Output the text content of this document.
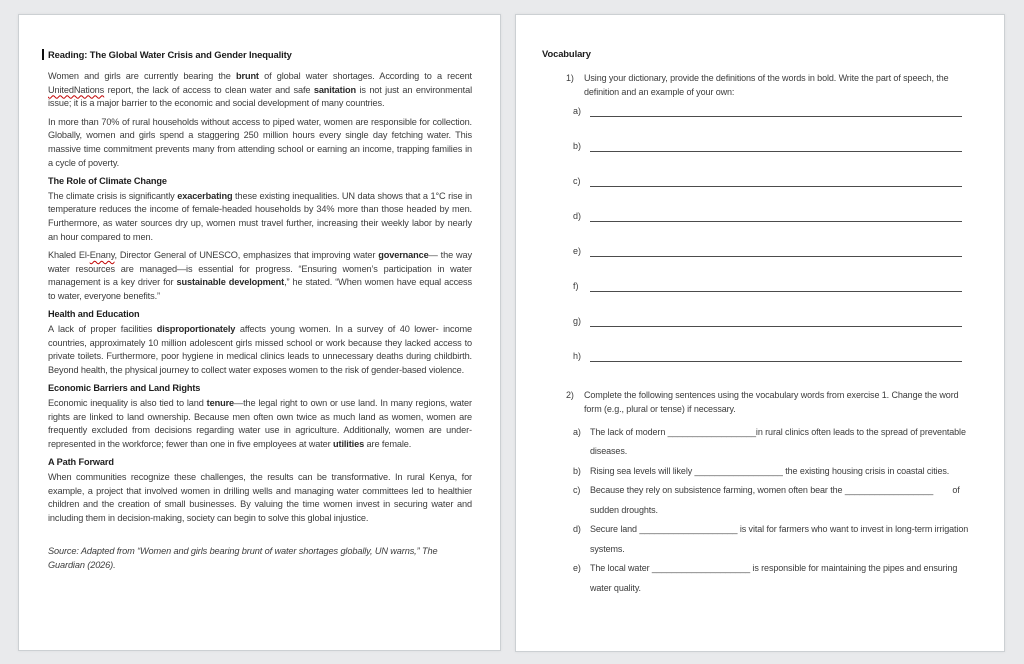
Reading: The Global Water Crisis and Gender Inequality
Women and girls are currently bearing the brunt of global water shortages. According to a recent UnitedNations report, the lack of access to clean water and safe sanitation is not just an environmental issue; it is a major barrier to the economic and social development of many countries.
In more than 70% of rural households without access to piped water, women are responsible for collection. Globally, women and girls spend a staggering 250 million hours every single day fetching water. This massive time commitment prevents many from attending school or earning an income, trapping families in a cycle of poverty.
The Role of Climate Change
The climate crisis is significantly exacerbating these existing inequalities. UN data shows that a 1°C rise in temperature reduces the income of female-headed households by 34% more than those headed by men. Furthermore, as water sources dry up, women must travel further, increasing their weekly labor by nearly an hour compared to men.
Khaled El-Enany, Director General of UNESCO, emphasizes that improving water governance— the way water resources are managed—is essential for progress. “Ensuring women’s participation in water management is a key driver for sustainable development,” he stated. “When women have equal access to water, everyone benefits.”
Health and Education
A lack of proper facilities disproportionately affects young women. In a survey of 40 lower- income countries, approximately 10 million adolescent girls missed school or work because they lacked access to private toilets. Furthermore, poor hygiene in medical clinics leads to unnecessary deaths during childbirth. Beyond health, the physical journey to collect water exposes women to the risk of gender-based violence.
Economic Barriers and Land Rights
Economic inequality is also tied to land tenure—the legal right to own or use land. In many regions, water rights are linked to land ownership. Because men often own twice as much land as women, women are frequently excluded from decisions regarding water use in agriculture. Additionally, women are under-represented in the workforce; fewer than one in five employees at water utilities are female.
A Path Forward
When communities recognize these challenges, the results can be transformative. In rural Kenya, for example, a project that involved women in drilling wells and managing water committees led to healthier children and the creation of small businesses. By valuing the time women invest in securing water and including them in decision-making, society can begin to solve this global injustice.
Source: Adapted from “Women and girls bearing brunt of water shortages globally, UN warns,” The Guardian (2026).
Vocabulary
1)	Using your dictionary, provide the definitions of the words in bold. Write the part of speech, the definition and an example of your own:
a)
b)
c)
d)
e)
f)
g)
h)
2)	Complete the following sentences using the vocabulary words from exercise 1. Change the word form (e.g., plural or tense) if necessary.
a)	The lack of modern __________________in rural clinics often leads to the spread of preventable diseases.
b)	Rising sea levels will likely __________________ the existing housing crisis in coastal cities.
c)	Because they rely on subsistence farming, women often bear the __________________        of sudden droughts.
d)	Secure land ____________________ is vital for farmers who want to invest in long-term irrigation systems.
e)	The local water ____________________ is responsible for maintaining the pipes and ensuring water quality.
